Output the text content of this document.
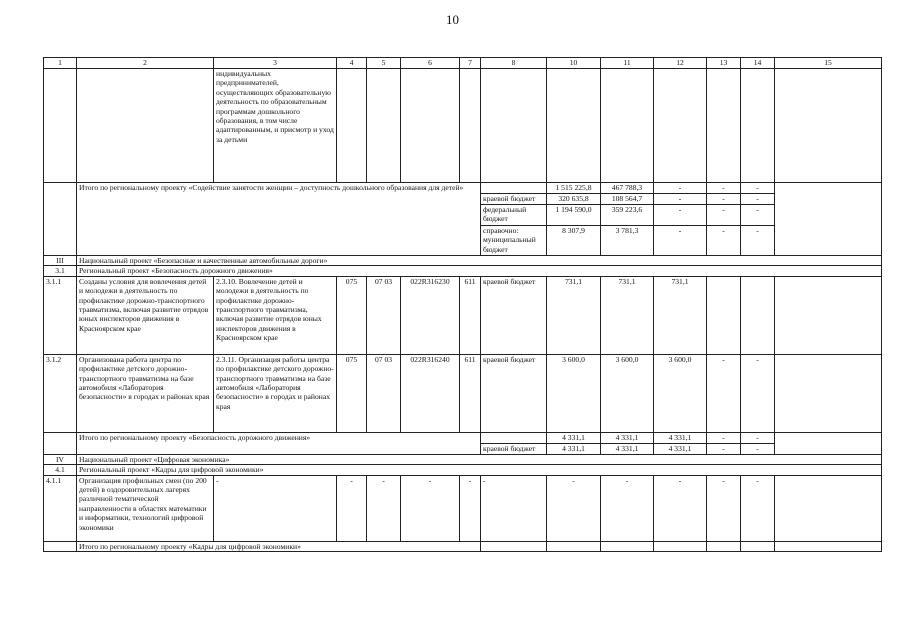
10
1	2	3	4	5	6	7	8	10	11	12	13	14	15
		индивидуальных предпринимателей, осуществляющих образовательную деятельность по образовательным программам дошкольного образования, в том числе адаптированным, и присмотр и уход за детьми											
	Итого по региональному проекту «Содействие занятости женщин – доступность дошкольного образования для детей»							1 515 225,8	467 788,3	-	-	-	
							краевой бюджет	320 635,8	108 564,7	-	-	-	
							федеральный бюджет	1 194 590,0	359 223,6	-	-	-	
							справочно: муниципальный бюджет	8 307,9	3 781,3	-	-	-	
III	Национальный проект «Безопасные и качественные автомобильные дороги»												
3.1	Региональный проект «Безопасность дорожного движения»												
3.1.1	Созданы условия для вовлечения детей и молодежи в деятельность по профилактике дорожно-транспортного травматизма, включая развитие отрядов юных инспекторов движения в Красноярском крае	2.3.10. Вовлечение детей и молодежи в деятельность по профилактике дорожно-транспортного травматизма, включая развитие отрядов юных инспекторов движения в Красноярском крае	075	07 03	022R316230	611	краевой бюджет	731,1	731,1	731,1			
3.1.2	Организована работа центра по профилактике детского дорожно-транспортного травматизма на базе автомобиля «Лаборатория безопасности» в городах и районах края	2.3.11. Организация работы центра по профилактике детского дорожно-транспортного травматизма на базе автомобиля «Лаборатория безопасности» в городах и районах края	075	07 03	022R316240	611	краевой бюджет	3 600,0	3 600,0	3 600,0	-	-	
	Итого по региональному проекту «Безопасность дорожного движения»							4 331,1	4 331,1	4 331,1	-	-	
							краевой бюджет	4 331,1	4 331,1	4 331,1	-	-	
IV	Национальный проект «Цифровая экономика»												
4.1	Региональный проект «Кадры для цифровой экономики»												
4.1.1	Организация профильных смен (по 200 детей) в оздоровительных лагерях различной тематической направленности в областях математики и информатики, технологий цифровой экономики	-	-	-	-	-	-	-	-	-	-	-	
	Итого по региональному проекту «Кадры для цифровой экономики»												
